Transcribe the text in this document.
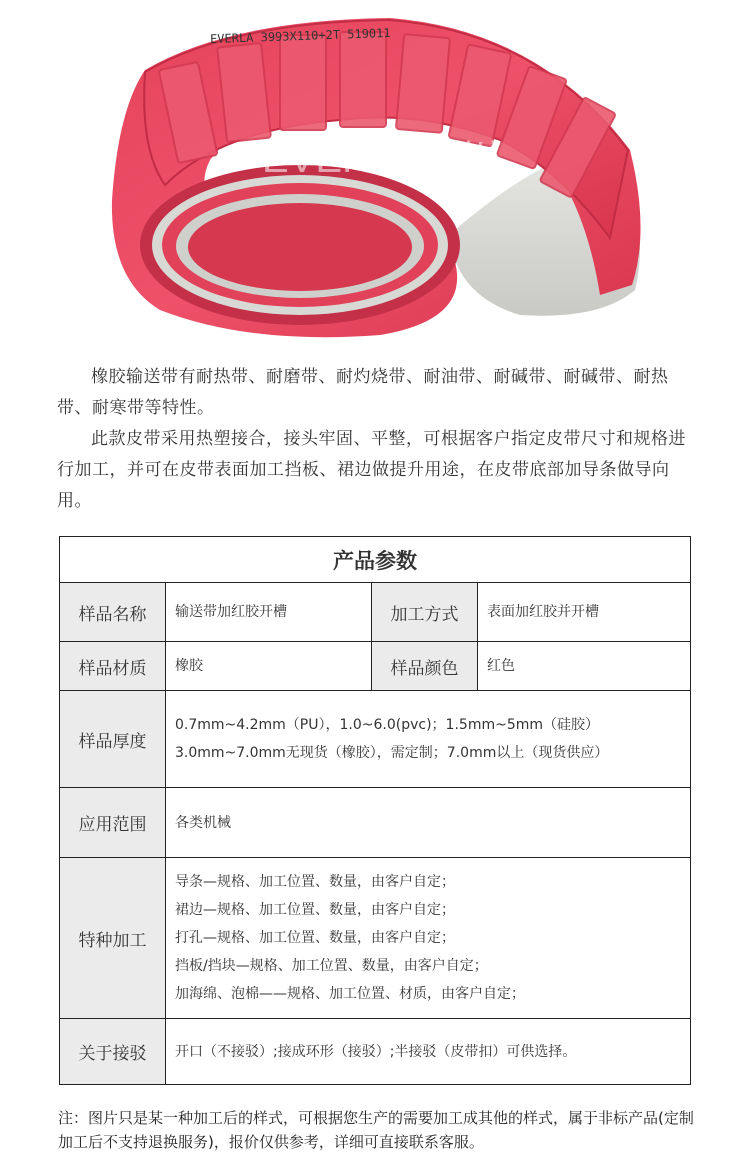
EVERLA 3993X110+2T 519011
EVERLA擎川

橡胶输送带有耐热带、耐磨带、耐灼烧带、耐油带、耐碱带、耐碱带、耐热带、耐寒带等特性。

此款皮带采用热塑接合，接头牢固、平整，可根据客户指定皮带尺寸和规格进行加工，并可在皮带表面加工挡板、裙边做提升用途，在皮带底部加导条做导向用。

产品参数			
样品名称	输送带加红胶开槽	加工方式	表面加红胶并开槽
样品材质	橡胶	样品颜色	红色
样品厚度	0.7mm~4.2mm（PU），1.0~6.0(pvc)；1.5mm~5mm（硅胶）
3.0mm~7.0mm无现货（橡胶），需定制；7.0mm以上（现货供应）		

应用范围	各类机械		
特种加工	导条—规格、加工位置、数量，由客户自定；
裙边—规格、加工位置、数量，由客户自定；
打孔—规格、加工位置、数量，由客户自定；
挡板/挡块—规格、加工位置、数量，由客户自定；
加海绵、泡棉——规格、加工位置、材质，由客户自定；		

关于接驳	开口（不接驳）;接成环形（接驳）;半接驳（皮带扣）可供选择。		
注：图片只是某一种加工后的样式，可根据您生产的需要加工成其他的样式，属于非标产品(定制加工后不支持退换服务)，报价仅供参考，详细可直接联系客服。
